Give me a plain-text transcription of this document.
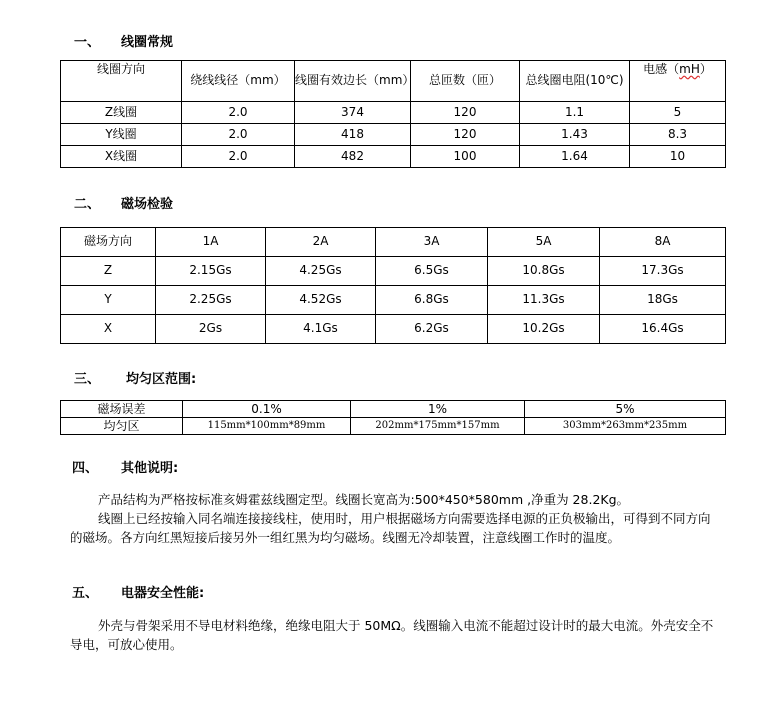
一、 线圈常规
线圈方向	绕线线径（mm）	线圈有效边长（mm）	总匝数（匝）	总线圈电阻(10℃)	电感（mH）
Z线圈	2.0	374	120	1.1	5
Y线圈	2.0	418	120	1.43	8.3
X线圈	2.0	482	100	1.64	10
二、 磁场检验
磁场方向	1A	2A	3A	5A	8A
Z	2.15Gs	4.25Gs	6.5Gs	10.8Gs	17.3Gs
Y	2.25Gs	4.52Gs	6.8Gs	11.3Gs	18Gs
X	2Gs	4.1Gs	6.2Gs	10.2Gs	16.4Gs
三、 均匀区范围:
磁场误差	0.1%	1%	5%
均匀区	115mm*100mm*89mm	202mm*175mm*157mm	303mm*263mm*235mm
四、 其他说明:
产品结构为严格按标准亥姆霍兹线圈定型。线圈长宽高为:500*450*580mm ,净重为 28.2Kg。
线圈上已经按输入同名端连接接线柱，使用时，用户根据磁场方向需要选择电源的正负极输出，可得到不同方向的磁场。各方向红黑短接后接另外一组红黑为均匀磁场。线圈无冷却装置，注意线圈工作时的温度。
五、 电器安全性能:
外壳与骨架采用不导电材料绝缘，绝缘电阻大于 50MΩ。线圈输入电流不能超过设计时的最大电流。外壳安全不导电，可放心使用。
